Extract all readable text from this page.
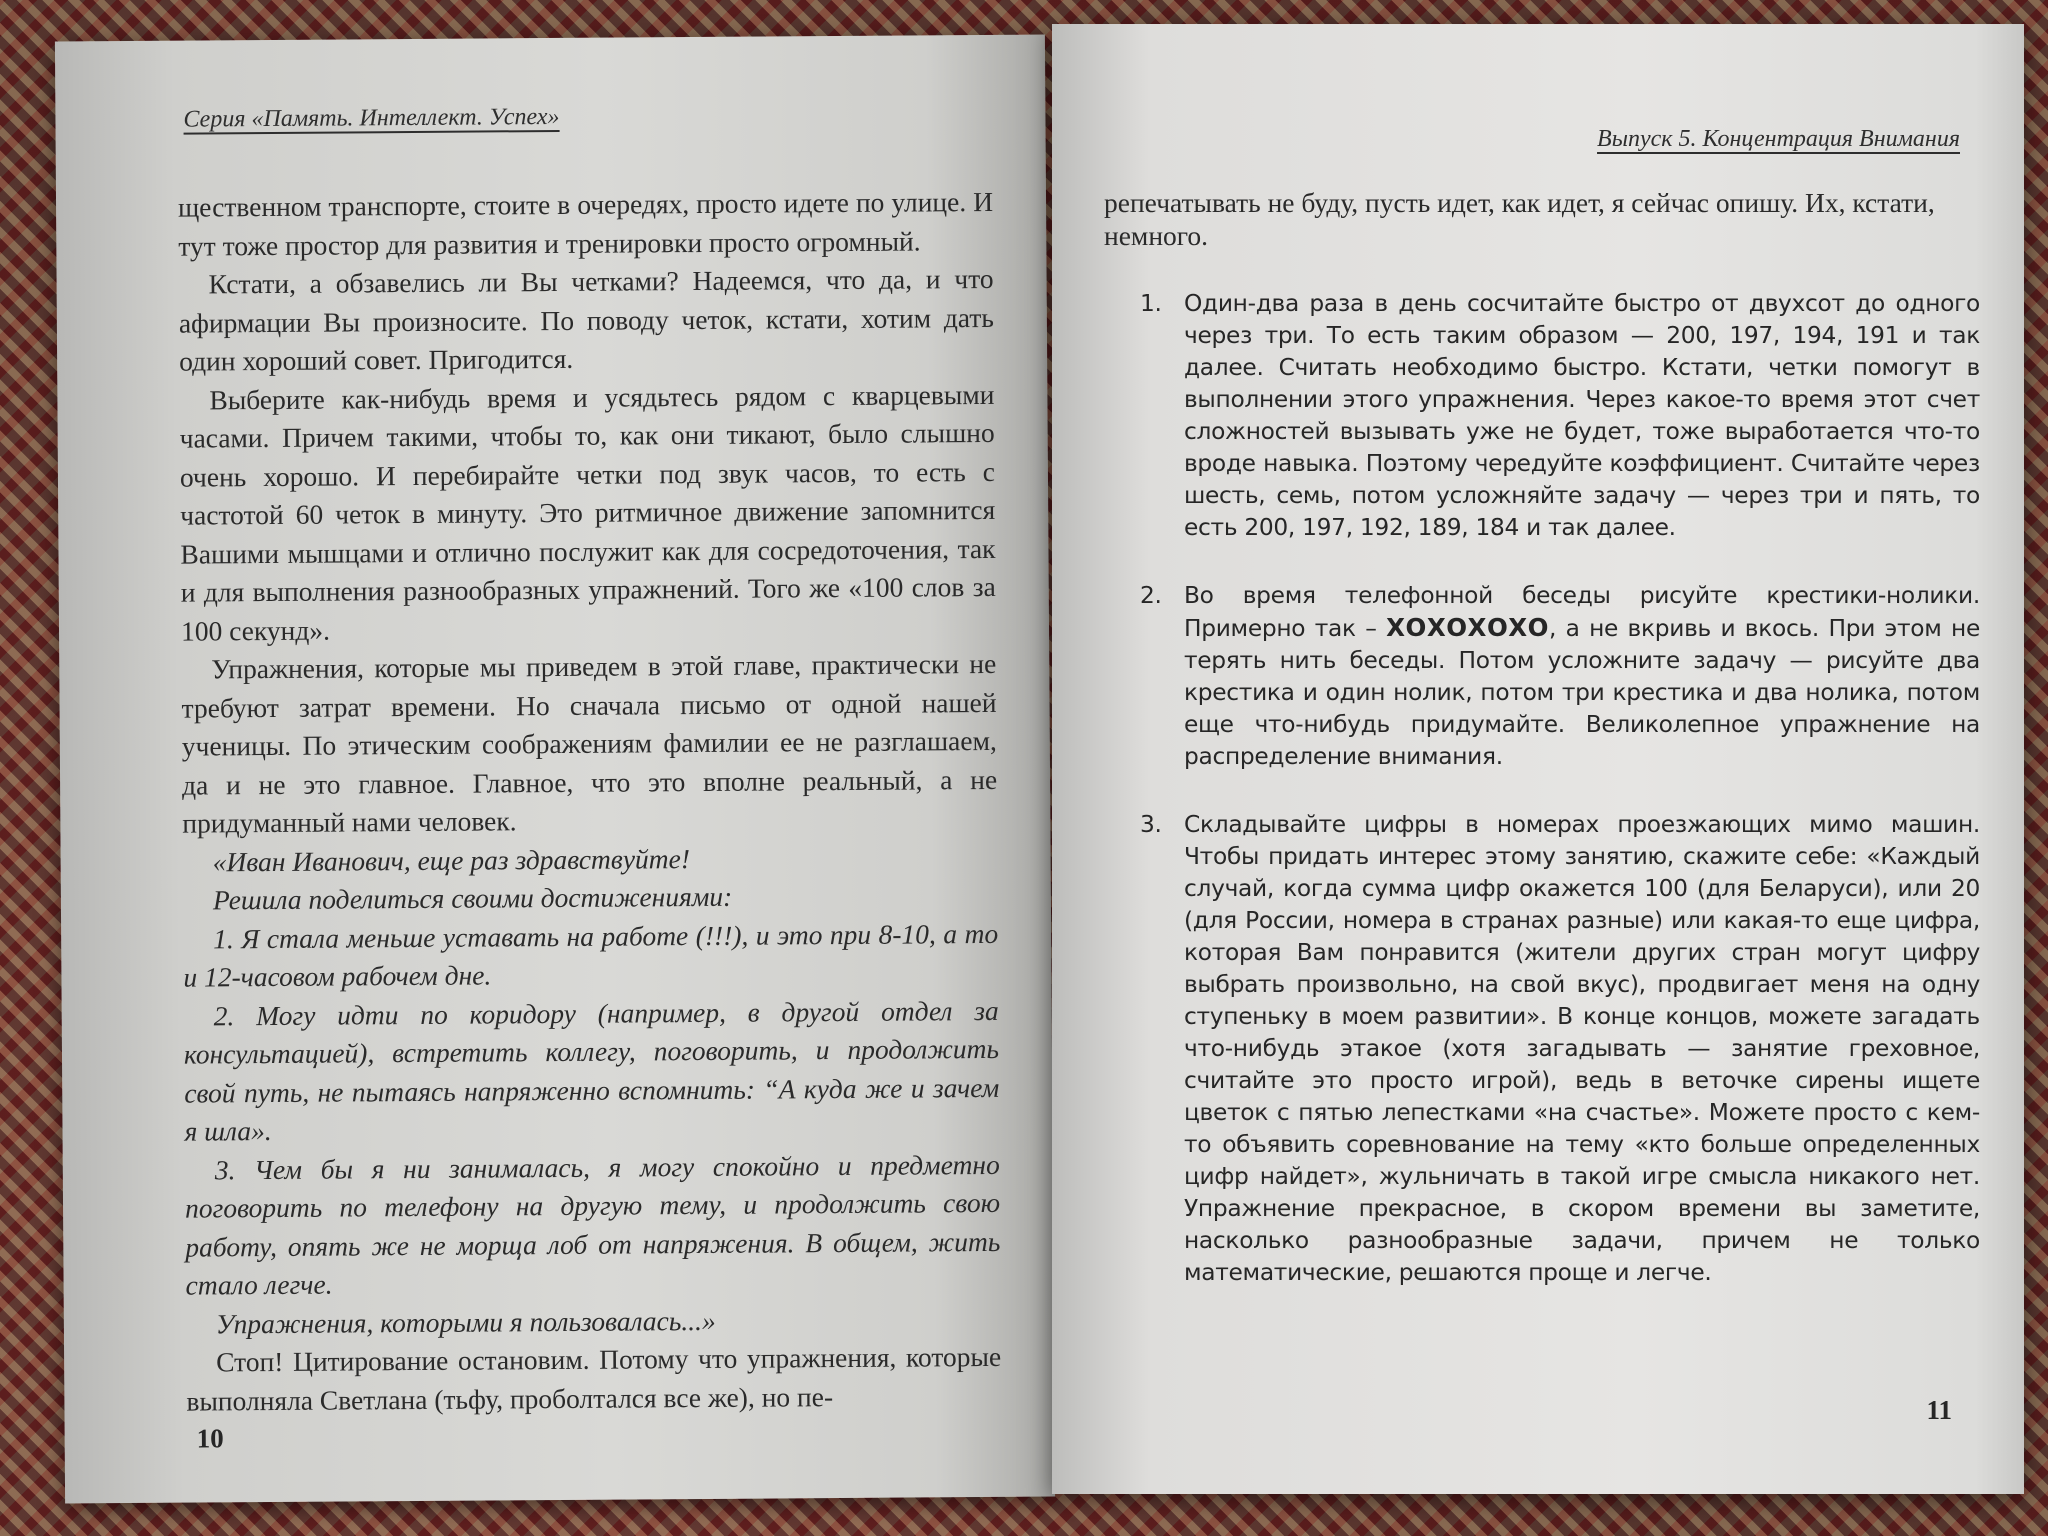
Серия «Память. Интеллект. Успех»

щественном транспорте, стоите в очередях, просто идете по улице. И тут тоже простор для развития и тренировки просто огромный.

Кстати, а обзавелись ли Вы четками? Надеемся, что да, и что афирмации Вы произносите. По поводу четок, кстати, хотим дать один хороший совет. Пригодится.

Выберите как-нибудь время и усядьтесь рядом с кварцевыми часами. Причем такими, чтобы то, как они тикают, было слышно очень хорошо. И перебирайте четки под звук часов, то есть с частотой 60 четок в минуту. Это ритмичное движение запомнится Вашими мышцами и отлично послужит как для сосредоточения, так и для выполнения разнообразных упражнений. Того же «100 слов за 100 секунд».

Упражнения, которые мы приведем в этой главе, практически не требуют затрат времени. Но сначала письмо от одной нашей ученицы. По этическим соображениям фамилии ее не разглашаем, да и не это главное. Главное, что это вполне реальный, а не придуманный нами человек.

«Иван Иванович, еще раз здравствуйте!

Решила поделиться своими достижениями:

1. Я стала меньше уставать на работе (!!!), и это при 8-10, а то и 12-часовом рабочем дне.

2. Могу идти по коридору (например, в другой отдел за консультацией), встретить коллегу, поговорить, и продолжить свой путь, не пытаясь напряженно вспомнить: “А куда же и зачем я шла».

3. Чем бы я ни занималась, я могу спокойно и предметно поговорить по телефону на другую тему, и продолжить свою работу, опять же не морща лоб от напряжения. В общем, жить стало легче.

Упражнения, которыми я пользовалась...»

Стоп! Цитирование остановим. Потому что упражнения, которые выполняла Светлана (тьфу, проболтался все же), но пе-

10
Выпуск 5. Концентрация Внимания

репечатывать не буду, пусть идет, как идет, я сейчас опишу. Их, кстати, немного.

1. Один-два раза в день сосчитайте быстро от двухсот до одного через три. То есть таким образом — 200, 197, 194, 191 и так далее. Считать необходимо быстро. Кстати, четки помогут в выполнении этого упражнения. Через какое-то время этот счет сложностей вызывать уже не будет, тоже выработается что-то вроде навыка. Поэтому чередуйте коэффициент. Считайте через шесть, семь, потом усложняйте задачу — через три и пять, то есть 200, 197, 192, 189, 184 и так далее.
2. Во время телефонной беседы рисуйте крестики-нолики. Примерно так – ХОХОХОХО, а не вкривь и вкось. При этом не терять нить беседы. Потом усложните задачу — рисуйте два крестика и один нолик, потом три крестика и два нолика, потом еще что-нибудь придумайте. Великолепное упражнение на распределение внимания.
3. Складывайте цифры в номерах проезжающих мимо машин. Чтобы придать интерес этому занятию, скажите себе: «Каждый случай, когда сумма цифр окажется 100 (для Беларуси), или 20 (для России, номера в странах разные) или какая-то еще цифра, которая Вам понравится (жители других стран могут цифру выбрать произвольно, на свой вкус), продвигает меня на одну ступеньку в моем развитии». В конце концов, можете загадать что-нибудь этакое (хотя загадывать — занятие греховное, считайте это просто игрой), ведь в веточке сирены ищете цветок с пятью лепестками «на счастье». Можете просто с кем-то объявить соревнование на тему «кто больше определенных цифр найдет», жульничать в такой игре смысла никакого нет. Упражнение прекрасное, в скором времени вы заметите, насколько разнообразные задачи, причем не только математические, решаются проще и легче.
11
